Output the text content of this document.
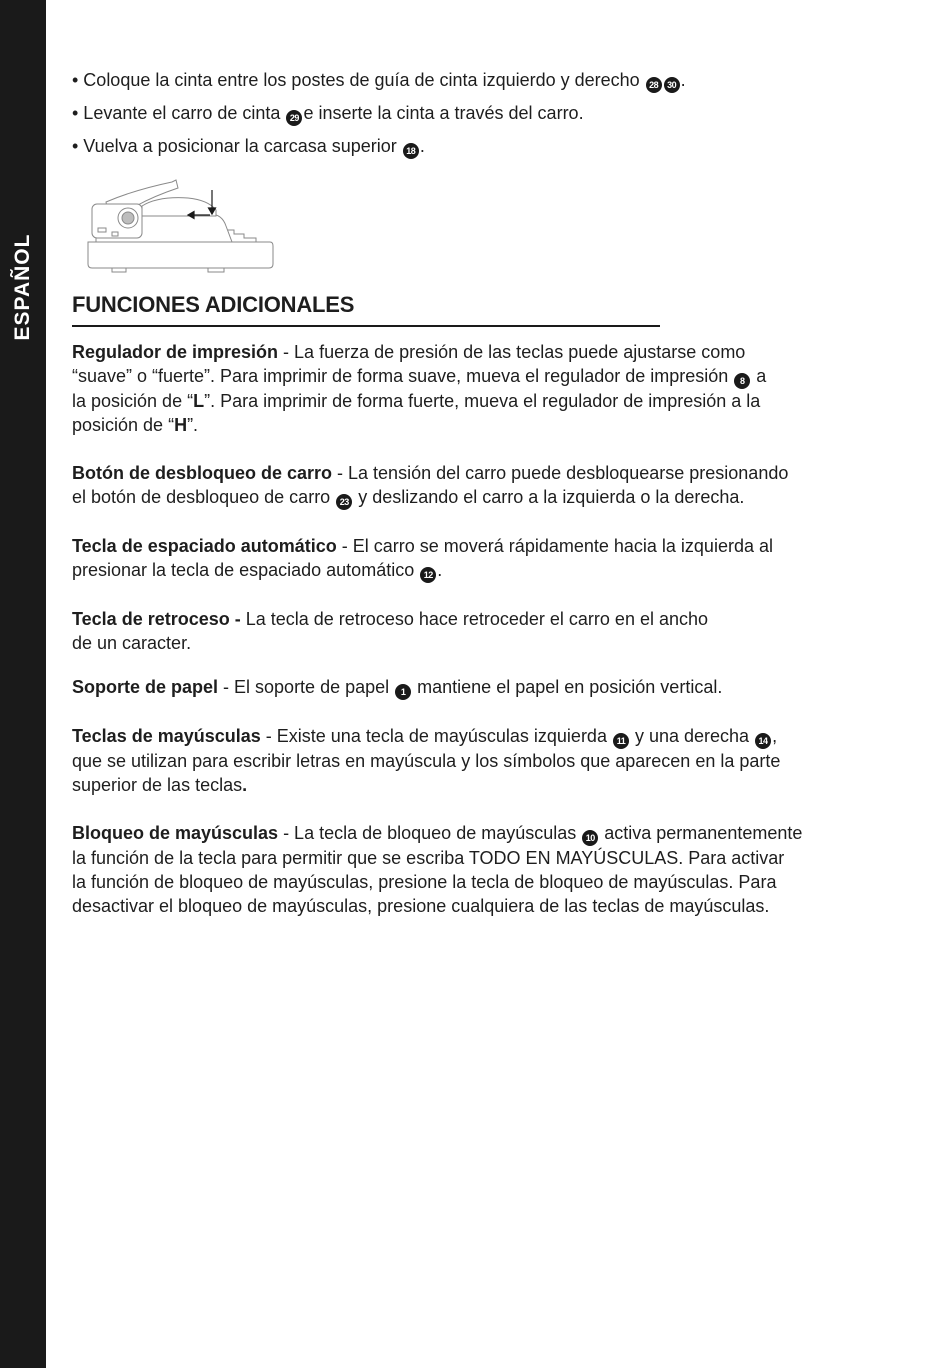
ESPAÑOL

• Coloque la cinta entre los postes de guía de cinta izquierdo y derecho 28 30 .

• Levante el carro de cinta 29 e inserte la cinta a través del carro.

• Vuelva a posicionar la carcasa superior 18 .

FUNCIONES ADICIONALES

Regulador de impresión - La fuerza de presión de las teclas puede ajustarse como
“suave” o “fuerte”. Para imprimir de forma suave, mueva el regulador de impresión 8 a
la posición de “L”. Para imprimir de forma fuerte, mueva el regulador de impresión a la
posición de “H”.

Botón de desbloqueo de carro - La tensión del carro puede desbloquearse presionando
el botón de desbloqueo de carro 23 y deslizando el carro a la izquierda o la derecha.

Tecla de espaciado automático - El carro se moverá rápidamente hacia la izquierda al
presionar la tecla de espaciado automático 12 .

Tecla de retroceso - La tecla de retroceso hace retroceder el carro en el ancho
de un caracter.

Soporte de papel - El soporte de papel 1 mantiene el papel en posición vertical.

Teclas de mayúsculas - Existe una tecla de mayúsculas izquierda 11 y una derecha 14 ,
que se utilizan para escribir letras en mayúscula y los símbolos que aparecen en la parte
superior de las teclas.

Bloqueo de mayúsculas - La tecla de bloqueo de mayúsculas 10 activa permanentemente
la función de la tecla para permitir que se escriba TODO EN MAYÚSCULAS. Para activar
la función de bloqueo de mayúsculas, presione la tecla de bloqueo de mayúsculas. Para
desactivar el bloqueo de mayúsculas, presione cualquiera de las teclas de mayúsculas.
